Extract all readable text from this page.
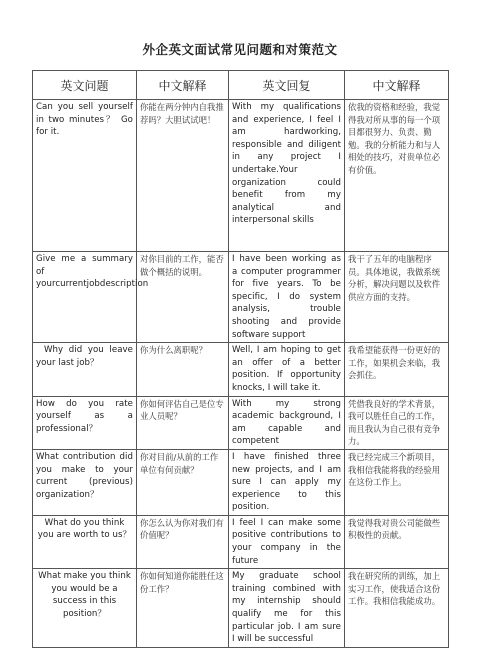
外企英文面试常见问题和对策范文
英文问题	中文解释	英文回复	中文解释
Can you sell yourself in two minutes？ Go for it.	你能在两分钟内自我推荐吗？大胆试试吧！	With my qualifications and experience, I feel I am hardworking, responsible and diligent in any project I undertake.Your organization could benefit from my analytical and interpersonal skills	依我的资格和经验，我觉得我对所从事的每一个项目都很努力、负责、勤勉。我的分析能力和与人相处的技巧，对贵单位必有价值。
Give me a summary of yourcurrentjobdescription	对你目前的工作，能否做个概括的说明。	I have been working as a computer programmer for five years. To be specific, I do system analysis, trouble shooting and provide software support	我干了五年的电脑程序员。具体地说，我做系统分析，解决问题以及软件供应方面的支持。
Why did you leave your last job？	你为什么离职呢？	Well, I am hoping to get an offer of a better position. If opportunity knocks, I will take it.	我希望能获得一份更好的工作，如果机会来临，我会抓住。
How do you rate yourself as a professional？	你如何评估自己是位专业人员呢？	With my strong academic background, I am capable and competent	凭借我良好的学术背景，我可以胜任自己的工作，而且我认为自己很有竞争力。
What contribution did you make to your current (previous) organization？	你对目前/从前的工作单位有何贡献？	I have finished three new projects, and I am sure I can apply my experience to this position.	我已经完成三个新项目，我相信我能将我的经验用在这份工作上。
What do you think you are worth to us？	你怎么认为你对我们有价值呢？	I feel I can make some positive contributions to your company in the future	我觉得我对贵公司能做些积极性的贡献。
What make you think you would be a success in this position？	你如何知道你能胜任这份工作？	My graduate school training combined with my internship should qualify me for this particular job. I am sure I will be successful	我在研究所的训练，加上实习工作，使我适合这份工作。我相信我能成功。
